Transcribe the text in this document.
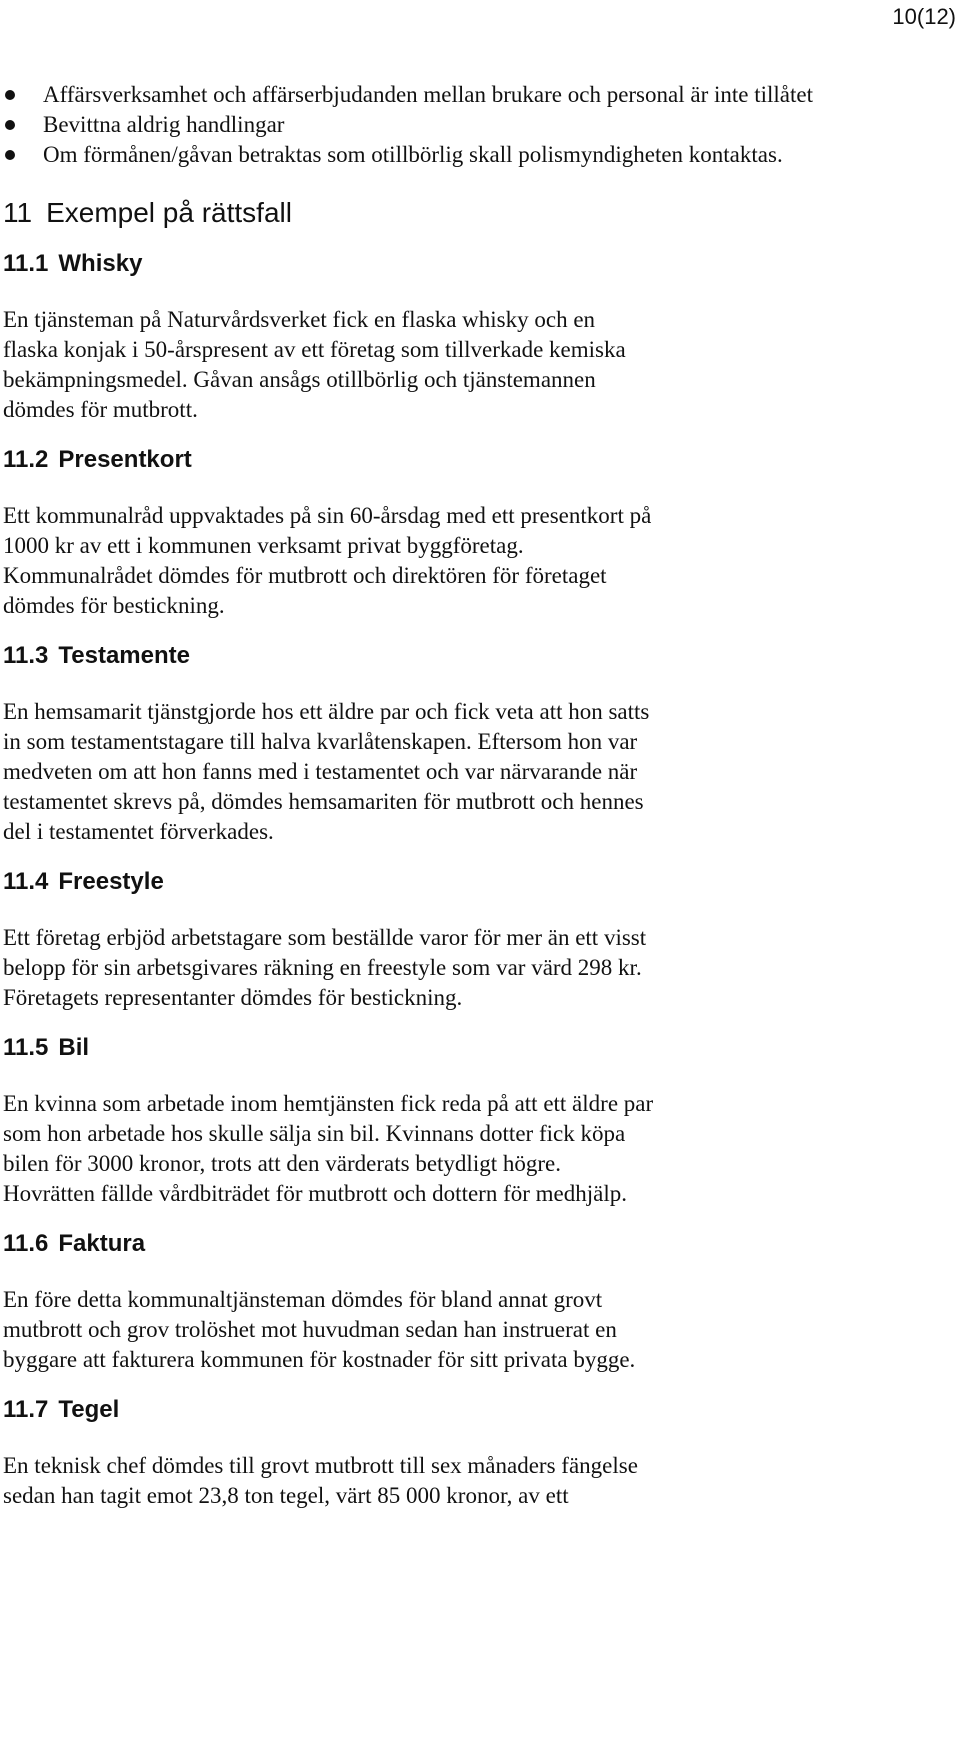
10(12)
Affärsverksamhet och affärserbjudanden mellan brukare och personal är inte tillåtet
Bevittna aldrig handlingar
Om förmånen/gåvan betraktas som otillbörlig skall polismyndigheten kontaktas.
11 Exempel på rättsfall
11.1 Whisky

En tjänsteman på Naturvårdsverket fick en flaska whisky och en
flaska konjak i 50-årspresent av ett företag som tillverkade kemiska
bekämpningsmedel. Gåvan ansågs otillbörlig och tjänstemannen
dömdes för mutbrott.

11.2 Presentkort

Ett kommunalråd uppvaktades på sin 60-årsdag med ett presentkort på
1000 kr av ett i kommunen verksamt privat byggföretag.
Kommunalrådet dömdes för mutbrott och direktören för företaget
dömdes för bestickning.

11.3 Testamente

En hemsamarit tjänstgjorde hos ett äldre par och fick veta att hon satts
in som testamentstagare till halva kvarlåtenskapen. Eftersom hon var
medveten om att hon fanns med i testamentet och var närvarande när
testamentet skrevs på, dömdes hemsamariten för mutbrott och hennes
del i testamentet förverkades.

11.4 Freestyle

Ett företag erbjöd arbetstagare som beställde varor för mer än ett visst
belopp för sin arbetsgivares räkning en freestyle som var värd 298 kr.
Företagets representanter dömdes för bestickning.

11.5 Bil

En kvinna som arbetade inom hemtjänsten fick reda på att ett äldre par
som hon arbetade hos skulle sälja sin bil. Kvinnans dotter fick köpa
bilen för 3000 kronor, trots att den värderats betydligt högre.
Hovrätten fällde vårdbiträdet för mutbrott och dottern för medhjälp.

11.6 Faktura

En före detta kommunaltjänsteman dömdes för bland annat grovt
mutbrott och grov trolöshet mot huvudman sedan han instruerat en
byggare att fakturera kommunen för kostnader för sitt privata bygge.

11.7 Tegel

En teknisk chef dömdes till grovt mutbrott till sex månaders fängelse
sedan han tagit emot 23,8 ton tegel, värt 85 000 kronor, av ett
